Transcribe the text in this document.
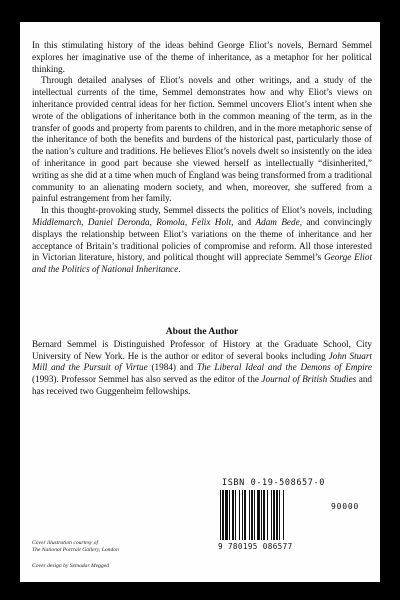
In this stimulating history of the ideas behind George Eliot’s novels, Bernard Semmel explores her imaginative use of the theme of inheritance, as a metaphor for her political thinking.

Through detailed analyses of Eliot’s novels and other writings, and a study of the intellectual currents of the time, Semmel demonstrates how and why Eliot’s views on inheritance provided central ideas for her fiction. Semmel uncovers Eliot’s intent when she wrote of the obligations of inheritance both in the common meaning of the term, as in the transfer of goods and property from parents to children, and in the more metaphoric sense of the inheritance of both the benefits and burdens of the historical past, particularly those of the nation’s culture and traditions. He believes Eliot’s novels dwelt so insistently on the idea of inheritance in good part because she viewed herself as intellectually “disinherited,” writing as she did at a time when much of England was being transformed from a traditional community to an alienating modern society, and when, moreover, she suffered from a painful estrangement from her family.

In this thought-provoking study, Semmel dissects the politics of Eliot’s novels, including Middlemarch, Daniel Deronda, Romola, Felix Holt, and Adam Bede, and convincingly displays the relationship between Eliot’s variations on the theme of inheritance and her acceptance of Britain’s traditional policies of compromise and reform. All those interested in Victorian literature, history, and political thought will appreciate Semmel’s George Eliot and the Politics of National Inheritance.

About the Author

Bernard Semmel is Distinguished Professor of History at the Graduate School, City University of New York. He is the author or editor of several books including John Stuart Mill and the Pursuit of Virtue (1984) and The Liberal Ideal and the Demons of Empire (1993). Professor Semmel has also served as the editor of the Journal of British Studies and has received two Guggenheim fellowships.

ISBN 0-19-508657-0
90000
9 780195 086577
Cover illustration courtesy of
The National Portrait Gallery, London
Cover design by Semadar Megged
